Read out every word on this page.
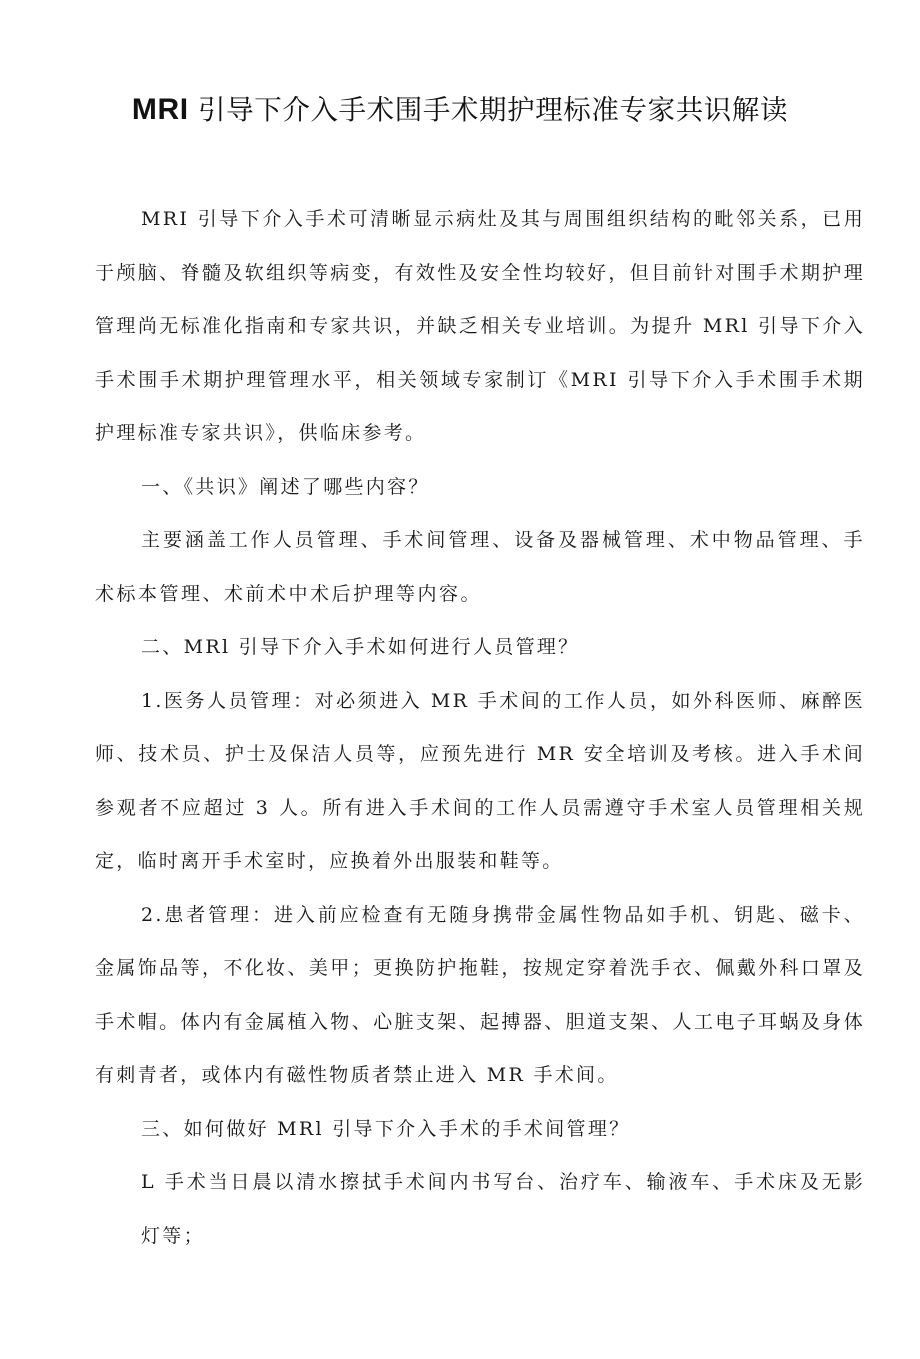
MRI 引导下介入手术围手术期护理标准专家共识解读

MRI 引导下介入手术可清晰显示病灶及其与周围组织结构的毗邻关系，已用于颅脑、脊髓及软组织等病变，有效性及安全性均较好，但目前针对围手术期护理管理尚无标准化指南和专家共识，并缺乏相关专业培训。为提升 MRl 引导下介入手术围手术期护理管理水平，相关领域专家制订《MRI 引导下介入手术围手术期护理标准专家共识》，供临床参考。

一、《共识》阐述了哪些内容？

主要涵盖工作人员管理、手术间管理、设备及器械管理、术中物品管理、手术标本管理、术前术中术后护理等内容。

二、MRl 引导下介入手术如何进行人员管理？

1.医务人员管理：对必须进入 MR 手术间的工作人员，如外科医师、麻醉医师、技术员、护士及保洁人员等，应预先进行 MR 安全培训及考核。进入手术间参观者不应超过 3 人。所有进入手术间的工作人员需遵守手术室人员管理相关规定，临时离开手术室时，应换着外出服装和鞋等。

2.患者管理：进入前应检查有无随身携带金属性物品如手机、钥匙、磁卡、金属饰品等，不化妆、美甲；更换防护拖鞋，按规定穿着洗手衣、佩戴外科口罩及手术帽。体内有金属植入物、心脏支架、起搏器、胆道支架、人工电子耳蜗及身体有刺青者，或体内有磁性物质者禁止进入 MR 手术间。

三、如何做好 MRl 引导下介入手术的手术间管理？

L 手术当日晨以清水擦拭手术间内书写台、治疗车、输液车、手术床及无影灯等；
